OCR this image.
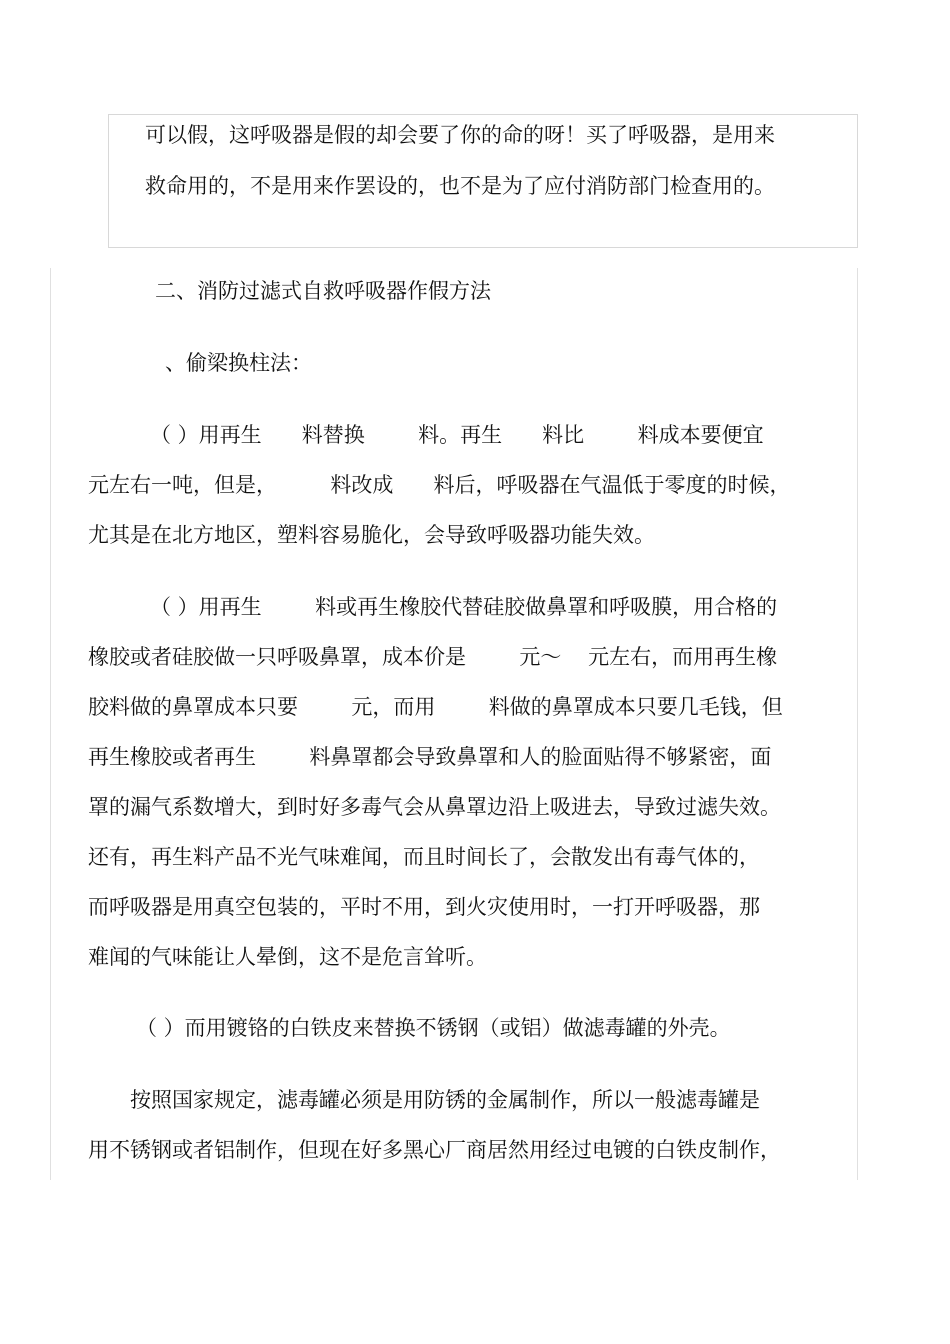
可以假，这呼吸器是假的却会要了你的命的呀！买了呼吸器，是用来
救命用的，不是用来作罢设的，也不是为了应付消防部门检查用的。
二、消防过滤式自救呼吸器作假方法
、偷梁换柱法：
（ ）用再生      料替换        料。再生      料比        料成本要便宜
元左右一吨，但是，        料改成      料后，呼吸器在气温低于零度的时候，
尤其是在北方地区，塑料容易脆化，会导致呼吸器功能失效。
（ ）用再生        料或再生橡胶代替硅胶做鼻罩和呼吸膜，用合格的
橡胶或者硅胶做一只呼吸鼻罩，成本价是        元～    元左右，而用再生橡
胶料做的鼻罩成本只要        元，而用        料做的鼻罩成本只要几毛钱，但
再生橡胶或者再生        料鼻罩都会导致鼻罩和人的脸面贴得不够紧密，面
罩的漏气系数增大，到时好多毒气会从鼻罩边沿上吸进去，导致过滤失效。
还有，再生料产品不光气味难闻，而且时间长了，会散发出有毒气体的，
而呼吸器是用真空包装的，平时不用，到火灾使用时，一打开呼吸器，那
难闻的气味能让人晕倒，这不是危言耸听。
（ ）而用镀铬的白铁皮来替换不锈钢（或铝）做滤毒罐的外壳。
按照国家规定，滤毒罐必须是用防锈的金属制作，所以一般滤毒罐是
用不锈钢或者铝制作，但现在好多黑心厂商居然用经过电镀的白铁皮制作，
